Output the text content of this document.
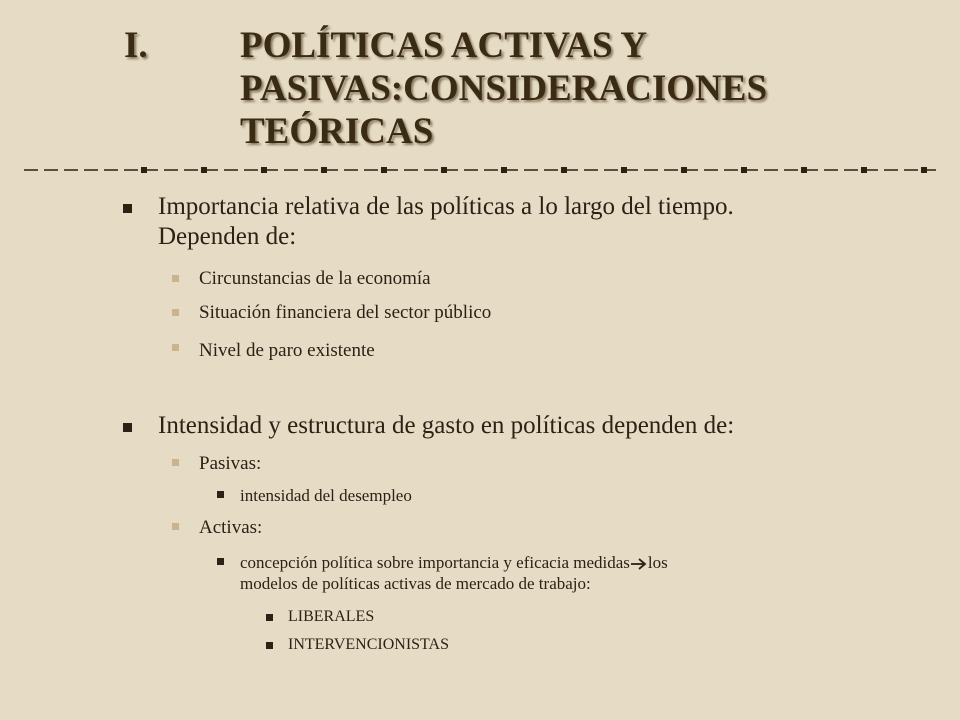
I. POLÍTICAS ACTIVAS Y
PASIVAS:CONSIDERACIONES
TEÓRICAS
Importancia relativa de las políticas a lo largo del tiempo.
Dependen de:
Circunstancias de la economía
Situación financiera del sector público
Nivel de paro existente
Intensidad y estructura de gasto en políticas dependen de:
Pasivas:
intensidad del desempleo
Activas:
concepción política sobre importancia y eficacia medidas los
modelos de políticas activas de mercado de trabajo:
LIBERALES
INTERVENCIONISTAS
